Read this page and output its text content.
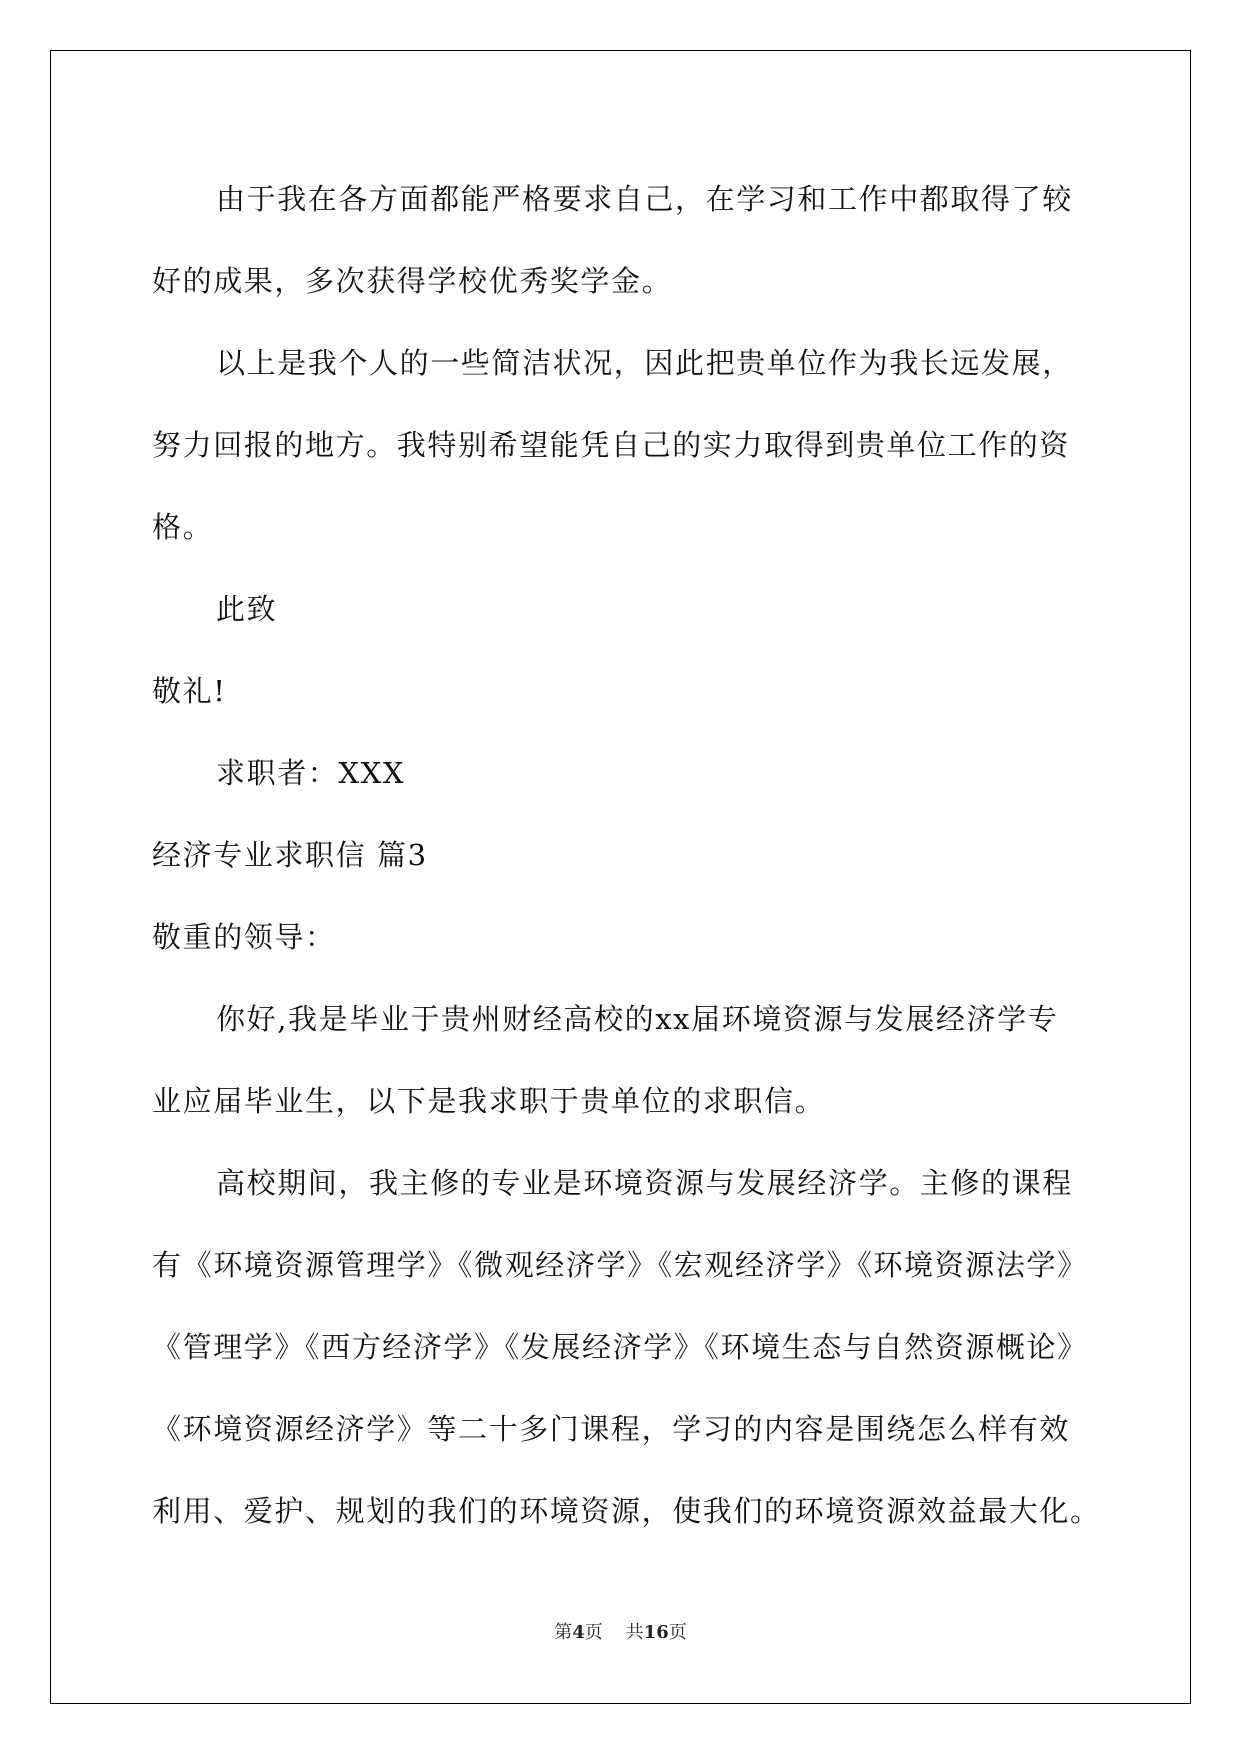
由于我在各方面都能严格要求自己，在学习和工作中都取得了较
好的成果，多次获得学校优秀奖学金。
以上是我个人的一些简洁状况，因此把贵单位作为我长远发展，
努力回报的地方。我特别希望能凭自己的实力取得到贵单位工作的资
格。
此致
敬礼!
求职者：XXX
经济专业求职信 篇3
敬重的领导：
你好,我是毕业于贵州财经高校的xx届环境资源与发展经济学专
业应届毕业生，以下是我求职于贵单位的求职信。
高校期间，我主修的专业是环境资源与发展经济学。主修的课程
有《环境资源管理学》《微观经济学》《宏观经济学》《环境资源法学》
《管理学》《西方经济学》《发展经济学》《环境生态与自然资源概论》
《环境资源经济学》等二十多门课程，学习的内容是围绕怎么样有效
利用、爱护、规划的我们的环境资源，使我们的环境资源效益最大化。
第4页 共16页
